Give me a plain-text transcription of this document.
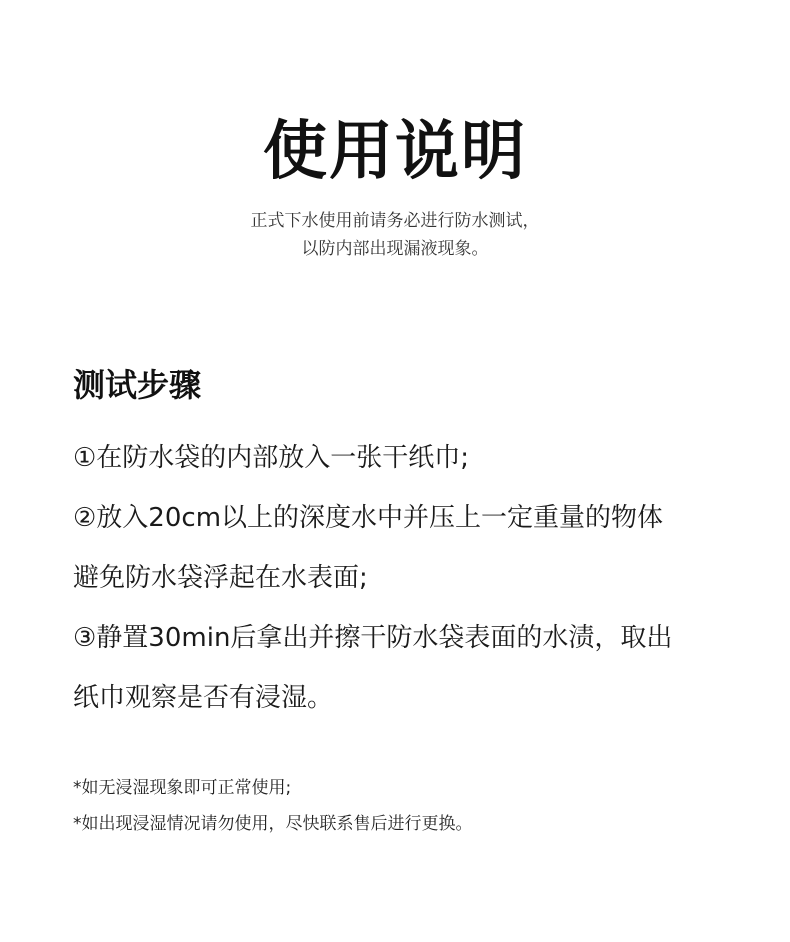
使用说明
正式下水使用前请务必进行防水测试，
以防内部出现漏液现象。
测试步骤
①在防水袋的内部放入一张干纸巾;
②放入20cm以上的深度水中并压上一定重量的物体
避免防水袋浮起在水表面;
③静置30min后拿出并擦干防水袋表面的水渍，取出
纸巾观察是否有浸湿。
*如无浸湿现象即可正常使用;
*如出现浸湿情况请勿使用，尽快联系售后进行更换。
